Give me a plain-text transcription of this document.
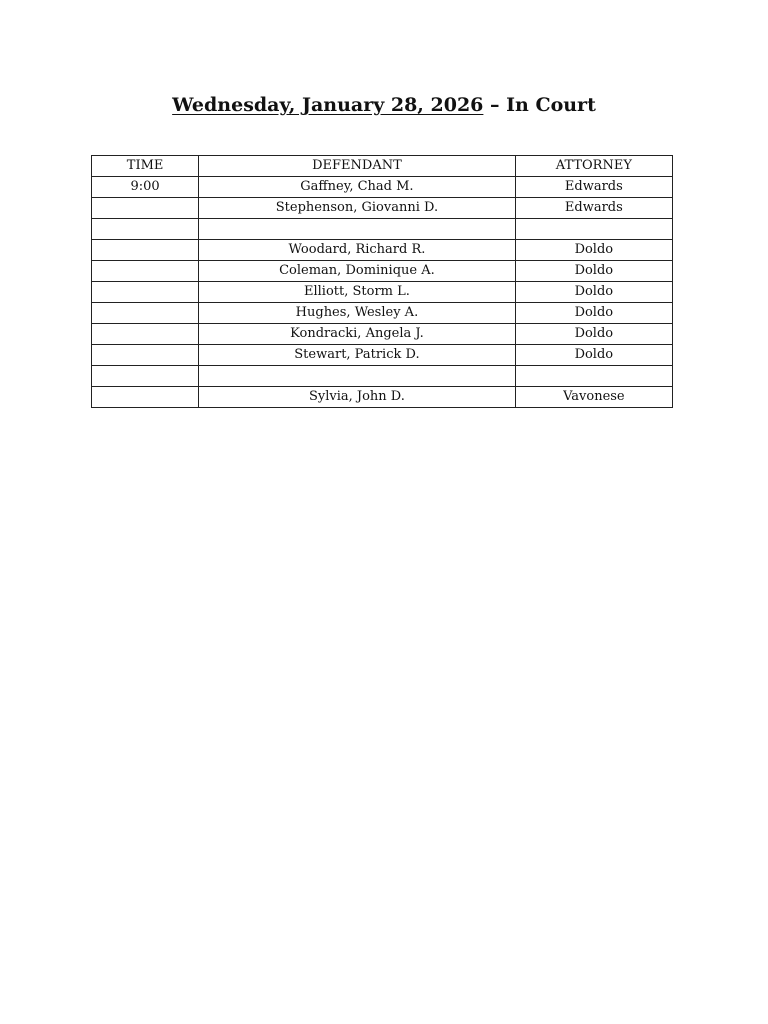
Wednesday, January 28, 2026 – In Court
TIME	DEFENDANT	ATTORNEY
9:00	Gaffney, Chad M.	Edwards
	Stephenson, Giovanni D.	Edwards

	Woodard, Richard R.	Doldo
	Coleman, Dominique A.	Doldo
	Elliott, Storm L.	Doldo
	Hughes, Wesley A.	Doldo
	Kondracki, Angela J.	Doldo
	Stewart, Patrick D.	Doldo

	Sylvia, John D.	Vavonese
